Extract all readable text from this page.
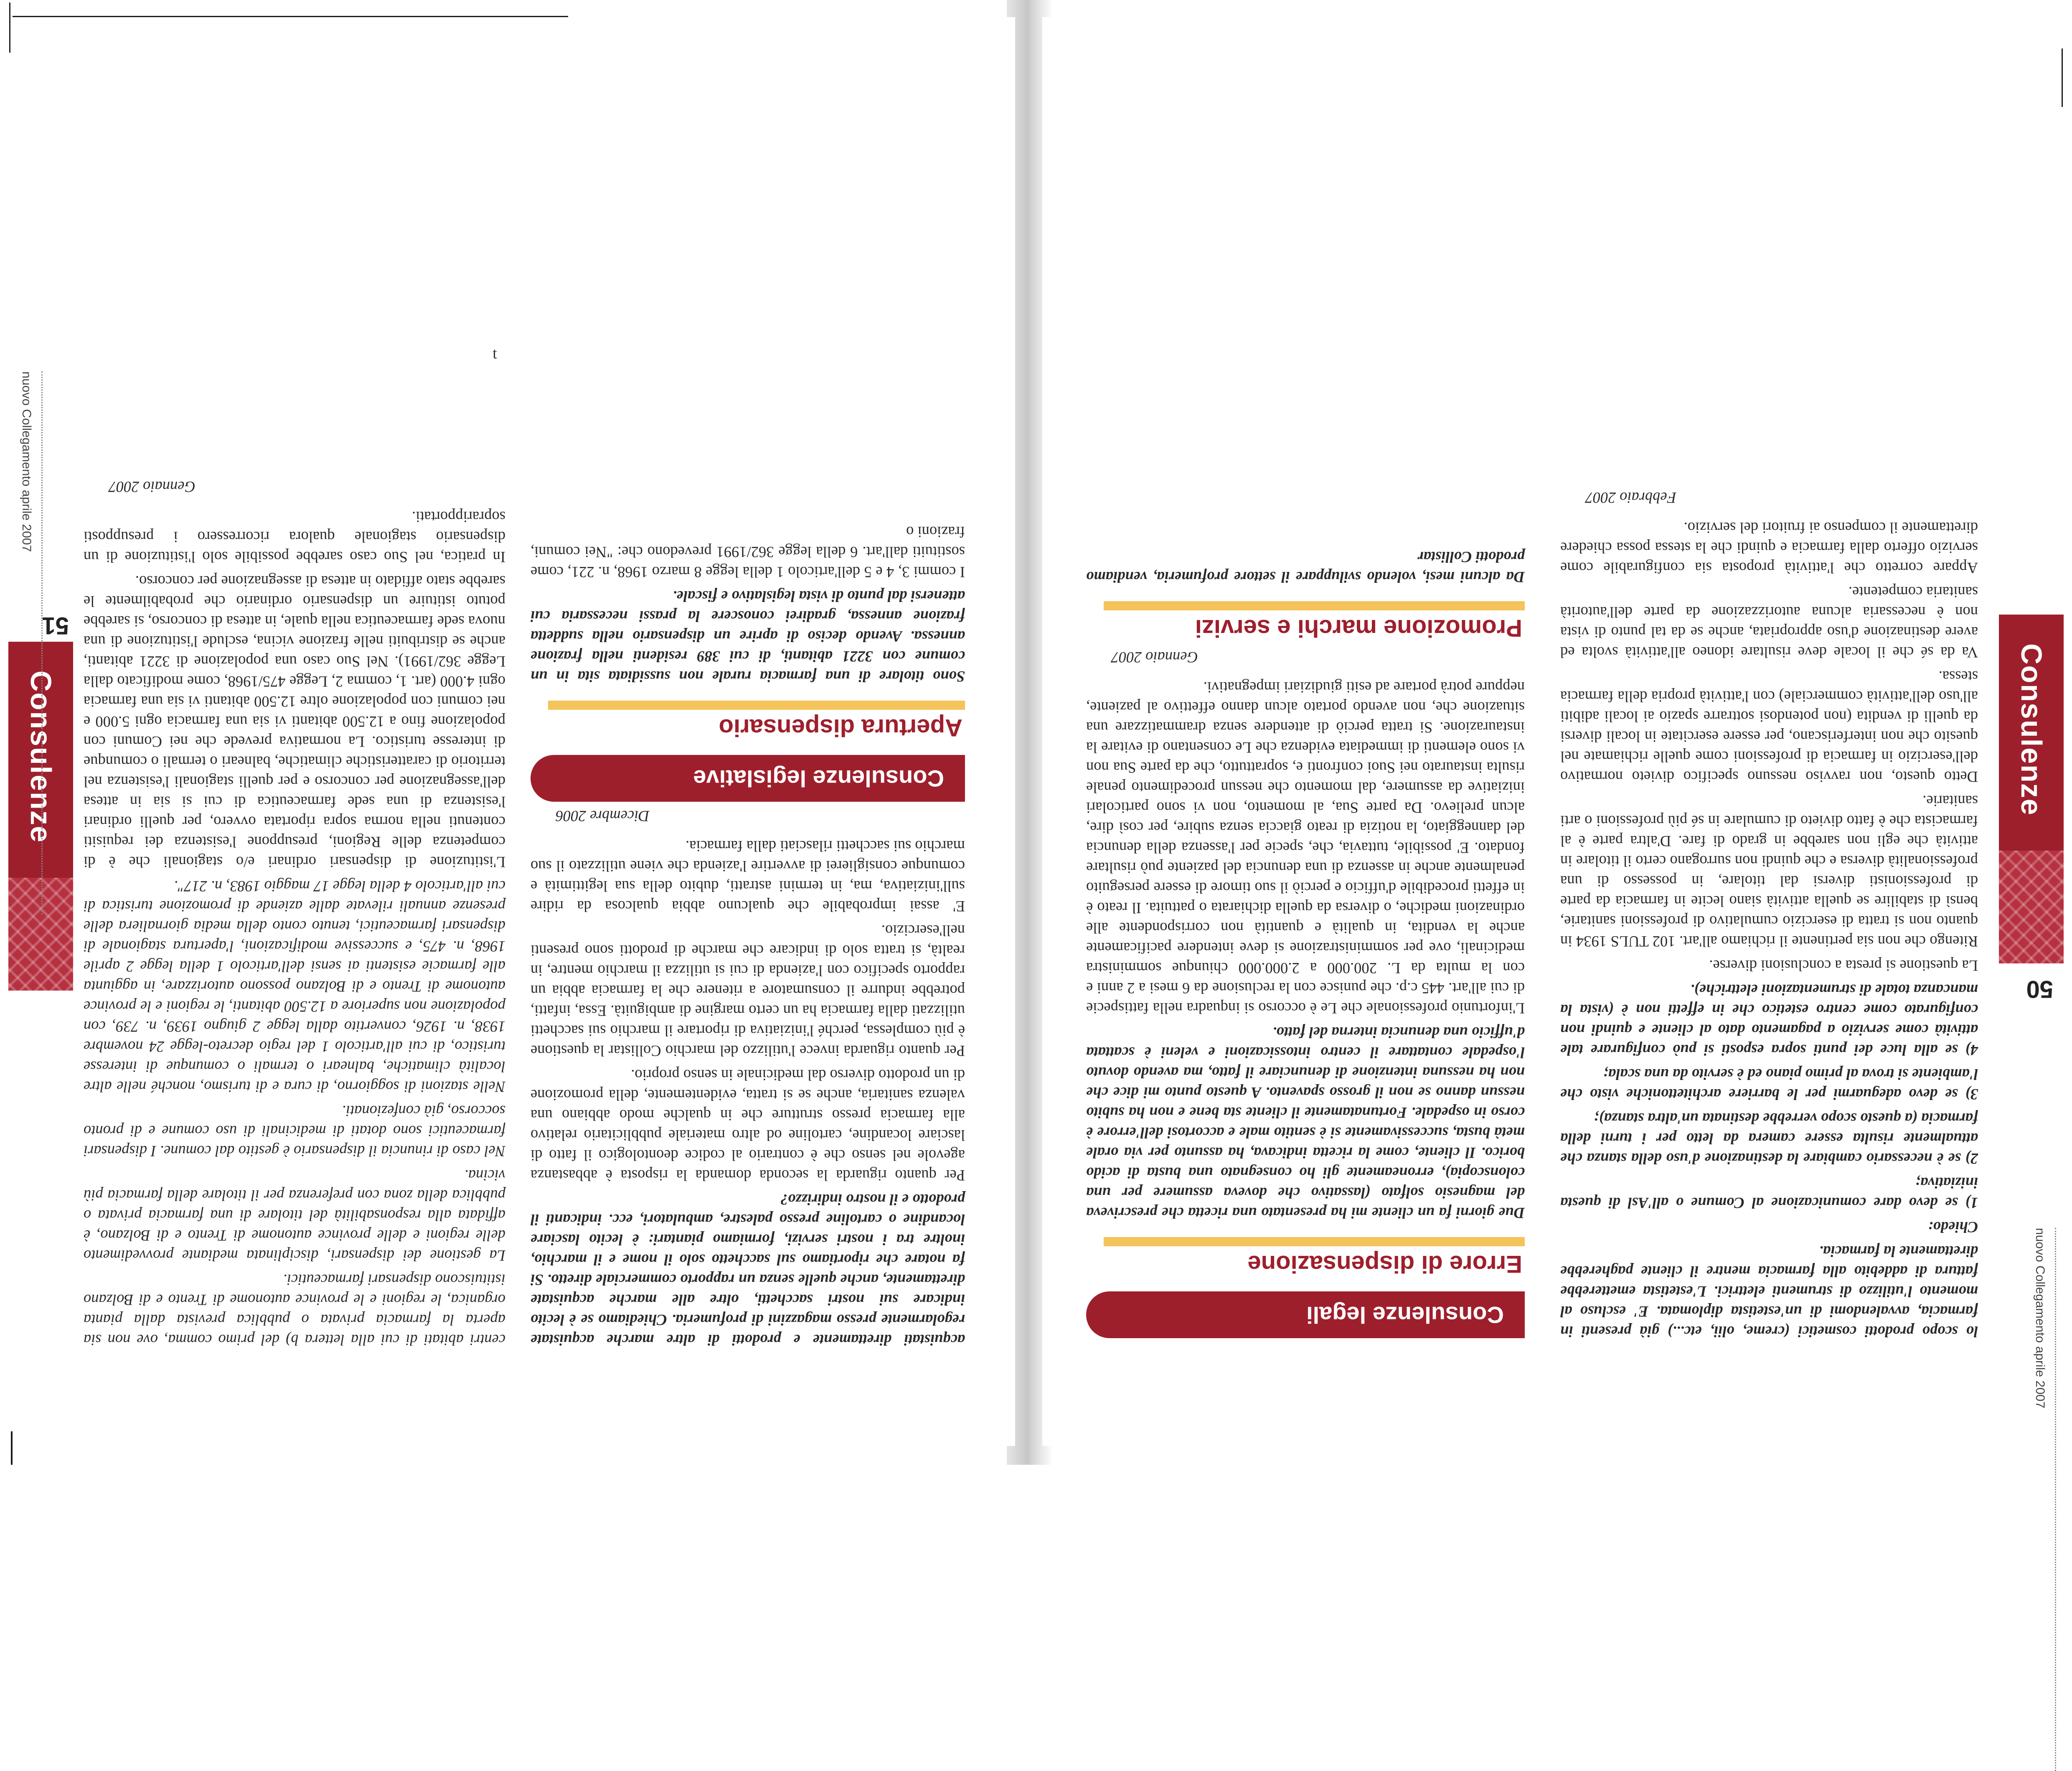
nuovo Collegamento aprile 2007
Consulenze
50

lo scopo prodotti cosmetici (creme, olii, etc...) già presenti in farmacia, avvalendomi di un'estetista diplomata. E' escluso al momento l'utilizzo di strumenti elettrici. L'estetista emetterebbe fattura di addebito alla farmacia mentre il cliente pagherebbe direttamente la farmacia.

Chiedo:

1) se devo dare comunicazione al Comune o all'Asl di questa iniziativa;

2) se è necessario cambiare la destinazione d'uso della stanza che attualmente risulta essere camera da letto per i turni della farmacia (a questo scopo verrebbe destinata un'altra stanza);

3) se devo adeguarmi per le barriere architettoniche visto che l'ambiente si trova al primo piano ed è servito da una scala;

4) se alla luce dei punti sopra esposti si può configurare tale attività come servizio a pagamento dato al cliente e quindi non configurato come centro estetico che in effetti non è (vista la mancanza totale di strumentazioni elettriche).

La questione si presta a conclusioni diverse.

Ritengo che non sia pertinente il richiamo all'art. 102 TULS 1934 in quanto non si tratta di esercizio cumulativo di professioni sanitarie, bensì di stabilire se quella attività siano lecite in farmacia da parte di professionisti diversi dal titolare, in possesso di una professionalità diversa e che quindi non surrogano certo il titolare in attività che egli non sarebbe in grado di fare. D'altra parte è al farmacista che è fatto divieto di cumulare in sé più professioni o arti sanitarie.

Detto questo, non ravviso nessuno specifico divieto normativo dell'esercizio in farmacia di professioni come quelle richiamate nel quesito che non interferiscano, per essere esercitate in locali diversi da quelli di vendita (non potendosi sottrarre spazio ai locali adibiti all'uso dell'attività commerciale) con l'attività propria della farmacia stessa.

Va da sé che il locale deve risultare idoneo all'attività svolta ed avere destinazione d'uso appropriata, anche se da tal punto di vista non è necessaria alcuna autorizzazione da parte dell'autorità sanitaria competente.

Appare corretto che l'attività proposta sia configurabile come servizio offerto dalla farmacia e quindi che la stessa possa chiedere direttamente il compenso ai fruitori del servizio.

Febbraio 2007

Consulenze legali
Errore di dispensazione

Due giorni fa un cliente mi ha presentato una ricetta che prescriveva del magnesio solfato (lassativo che doveva assumere per una colonscopia), erroneamente gli ho consegnato una busta di acido borico. Il cliente, come la ricetta indicava, ha assunto per via orale metà busta, successivamente si è sentito male e accortosi dell'errore è corso in ospedale. Fortunatamente il cliente sta bene e non ha subito nessun danno se non il grosso spavento. A questo punto mi dice che non ha nessuna intenzione di denunciare il fatto, ma avendo dovuto l'ospedale contattare il centro intossicazioni e veleni è scattata d'ufficio una denuncia interna del fatto.

L'infortunio professionale che Le è occorso si inquadra nella fattispecie di cui all'art. 445 c.p. che punisce con la reclusione da 6 mesi a 2 anni e con la multa da L. 200.000 a 2.000.000 chiunque somministra medicinali, ove per somministrazione si deve intendere pacificamente anche la vendita, in qualità e quantità non corrispondente alle ordinazioni mediche, o diversa da quella dichiarata o pattuita. Il reato è in effetti procedibile d'ufficio e perciò il suo timore di essere perseguito penalmente anche in assenza di una denuncia del paziente può risultare fondato. E' possibile, tuttavia, che, specie per l'assenza della denuncia del danneggiato, la notizia di reato giaccia senza subire, per così dire, alcun prelievo. Da parte Sua, al momento, non vi sono particolari iniziative da assumere, dal momento che nessun procedimento penale risulta instaurato nei Suoi confronti e, soprattutto, che da parte Sua non vi sono elementi di immediata evidenza che Le consentano di evitare la instaurazione. Si tratta perciò di attendere senza drammatizzare una situazione che, non avendo portato alcun danno effettivo al paziente, neppure potrà portare ad esiti giudiziari impegnativi.

Gennaio 2007

Promozione marchi e servizi

Da alcuni mesi, volendo sviluppare il settore profumeria, vendiamo prodotti Collistar

acquistati direttamente e prodotti di altre marche acquistate regolarmente presso magazzini di profumeria. Chiediamo se è lecito indicare sui nostri sacchetti, oltre alle marche acquistate direttamente, anche quelle senza un rapporto commerciale diretto. Si fa notare che riportiamo sul sacchetto solo il nome e il marchio, inoltre tra i nostri servizi, formiamo piantari: è lecito lasciare locandine o cartoline presso palestre, ambulatori, ecc. indicanti il prodotto e il nostro indirizzo?

Per quanto riguarda la seconda domanda la risposta è abbastanza agevole nel senso che è contrario al codice deontologico il fatto di lasciare locandine, cartoline od altro materiale pubblicitario relativo alla farmacia presso strutture che in qualche modo abbiano una valenza sanitaria, anche se si tratta, evidentemente, della promozione di un prodotto diverso dal medicinale in senso proprio.

Per quanto riguarda invece l'utilizzo del marchio Collistar la questione è più complessa, perché l'iniziativa di riportare il marchio sui sacchetti utilizzati dalla farmacia ha un certo margine di ambiguità. Essa, infatti, potrebbe indurre il consumatore a ritenere che la farmacia abbia un rapporto specifico con l'azienda di cui si utilizza il marchio mentre, in realtà, si tratta solo di indicare che marche di prodotti sono presenti nell'esercizio.

E' assai improbabile che qualcuno abbia qualcosa da ridire sull'iniziativa, ma, in termini astratti, dubito della sua legittimità e comunque consiglierei di avvertire l'azienda che viene utilizzato il suo marchio sui sacchetti rilasciati dalla farmacia.

Dicembre 2006

Consulenze legislative
Apertura dispensario

Sono titolare di una farmacia rurale non sussidiata sita in un comune con 3221 abitanti, di cui 389 residenti nella frazione annessa. Avendo deciso di aprire un dispensario nella suddetta frazione annessa, gradirei conoscere la prassi necessaria cui attenersi dal punto di vista legislativo e fiscale.

I commi 3, 4 e 5 dell'articolo 1 della legge 8 marzo 1968, n. 221, come sostituiti dall'art. 6 della legge 362/1991 prevedono che: "Nei comuni, frazioni o

centri abitati di cui alla lettera b) del primo comma, ove non sia aperta la farmacia privata o pubblica prevista dalla pianta organica, le regioni e le province autonome di Trento e di Bolzano istituiscono dispensari farmaceutici.

La gestione dei dispensari, disciplinata mediante provvedimento delle regioni e delle province autonome di Trento e di Bolzano, è affidata alla responsabilità del titolare di una farmacia privata o pubblica della zona con preferenza per il titolare della farmacia più vicina.

Nel caso di rinuncia il dispensario è gestito dal comune. I dispensari farmaceutici sono dotati di medicinali di uso comune e di pronto soccorso, già confezionati.

Nelle stazioni di soggiorno, di cura e di turismo, nonché nelle altre località climatiche, balneari o termali o comunque di interesse turistico, di cui all'articolo 1 del regio decreto-legge 24 novembre 1938, n. 1926, convertito dalla legge 2 giugno 1939, n. 739, con popolazione non superiore a 12.500 abitanti, le regioni e le province autonome di Trento e di Bolzano possono autorizzare, in aggiunta alle farmacie esistenti ai sensi dell'articolo 1 della legge 2 aprile 1968, n. 475, e successive modificazioni, l'apertura stagionale di dispensari farmaceutici, tenuto conto della media giornaliera delle presenze annuali rilevate dalle aziende di promozione turistica di cui all'articolo 4 della legge 17 maggio 1983, n. 217".

L'istituzione di dispensari ordinari e/o stagionali che è di competenza delle Regioni, presuppone l'esistenza dei requisiti contenuti nella norma sopra riportata ovvero, per quelli ordinari l'esistenza di una sede farmaceutica di cui si sia in attesa dell'assegnazione per concorso e per quelli stagionali l'esistenza nel territorio di caratteristiche climatiche, balneari o termali o comunque di interesse turistico. La normativa prevede che nei Comuni con popolazione fino a 12.500 abitanti vi sia una farmacia ogni 5.000 e nei comuni con popolazione oltre 12.500 abitanti vi sia una farmacia ogni 4.000 (art. 1, comma 2, Legge 475/1968, come modificato dalla Legge 362/1991). Nel Suo caso una popolazione di 3221 abitanti, anche se distribuiti nelle frazione vicina, esclude l'istituzione di una nuova sede farmaceutica nella quale, in attesa di concorso, si sarebbe potuto istituire un dispensario ordinario che probabilmente le sarebbe stato affidato in attesa di assegnazione per concorso.

In pratica, nel Suo caso sarebbe possibile solo l'istituzione di un dispensario stagionale qualora ricorressero i presupposti sopraripportati.

Gennaio 2007

ʇ
Consulenze
51
nuovo Collegamento aprile 2007
